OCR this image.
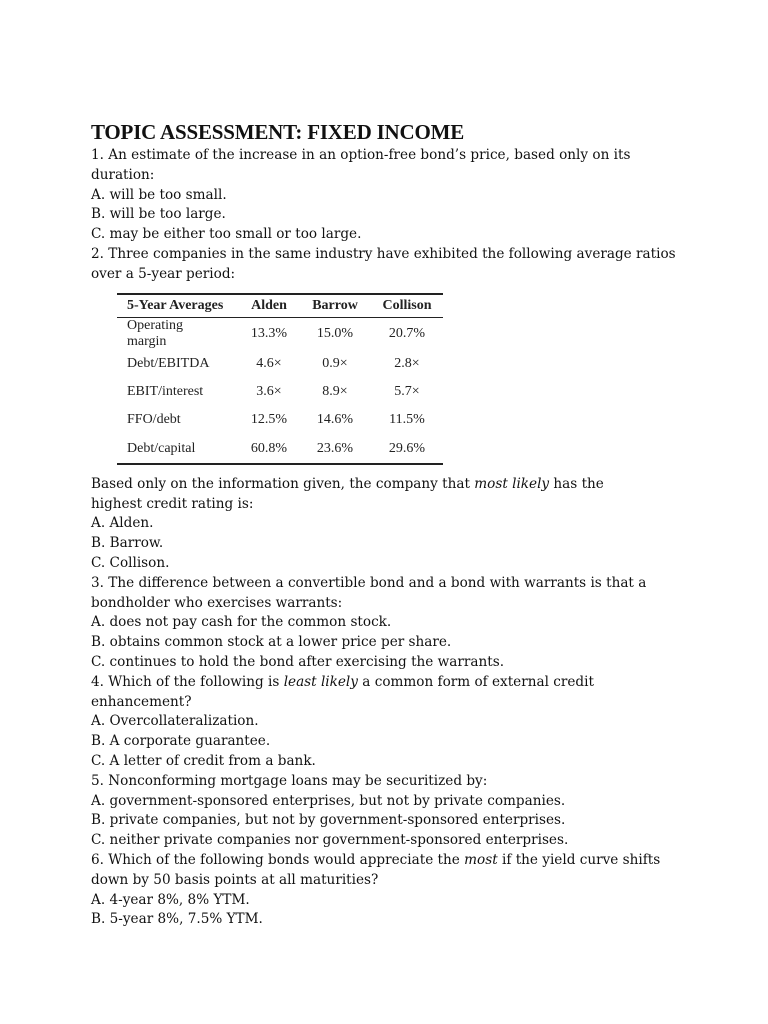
TOPIC ASSESSMENT: FIXED INCOME
1. An estimate of the increase in an option-free bond’s price, based only on its
duration:
A. will be too small.
B. will be too large.
C. may be either too small or too large.
2. Three companies in the same industry have exhibited the following average ratios
over a 5-year period:
5-Year Averages	Alden	Barrow	Collison
Operating margin	13.3%	15.0%	20.7%
Debt/EBITDA	4.6×	0.9×	2.8×
EBIT/interest	3.6×	8.9×	5.7×
FFO/debt	12.5%	14.6%	11.5%
Debt/capital	60.8%	23.6%	29.6%
Based only on the information given, the company that most likely has the
highest credit rating is:
A. Alden.
B. Barrow.
C. Collison.
3. The difference between a convertible bond and a bond with warrants is that a
bondholder who exercises warrants:
A. does not pay cash for the common stock.
B. obtains common stock at a lower price per share.
C. continues to hold the bond after exercising the warrants.
4. Which of the following is least likely a common form of external credit
enhancement?
A. Overcollateralization.
B. A corporate guarantee.
C. A letter of credit from a bank.
5. Nonconforming mortgage loans may be securitized by:
A. government-sponsored enterprises, but not by private companies.
B. private companies, but not by government-sponsored enterprises.
C. neither private companies nor government-sponsored enterprises.
6. Which of the following bonds would appreciate the most if the yield curve shifts
down by 50 basis points at all maturities?
A. 4-year 8%, 8% YTM.
B. 5-year 8%, 7.5% YTM.
